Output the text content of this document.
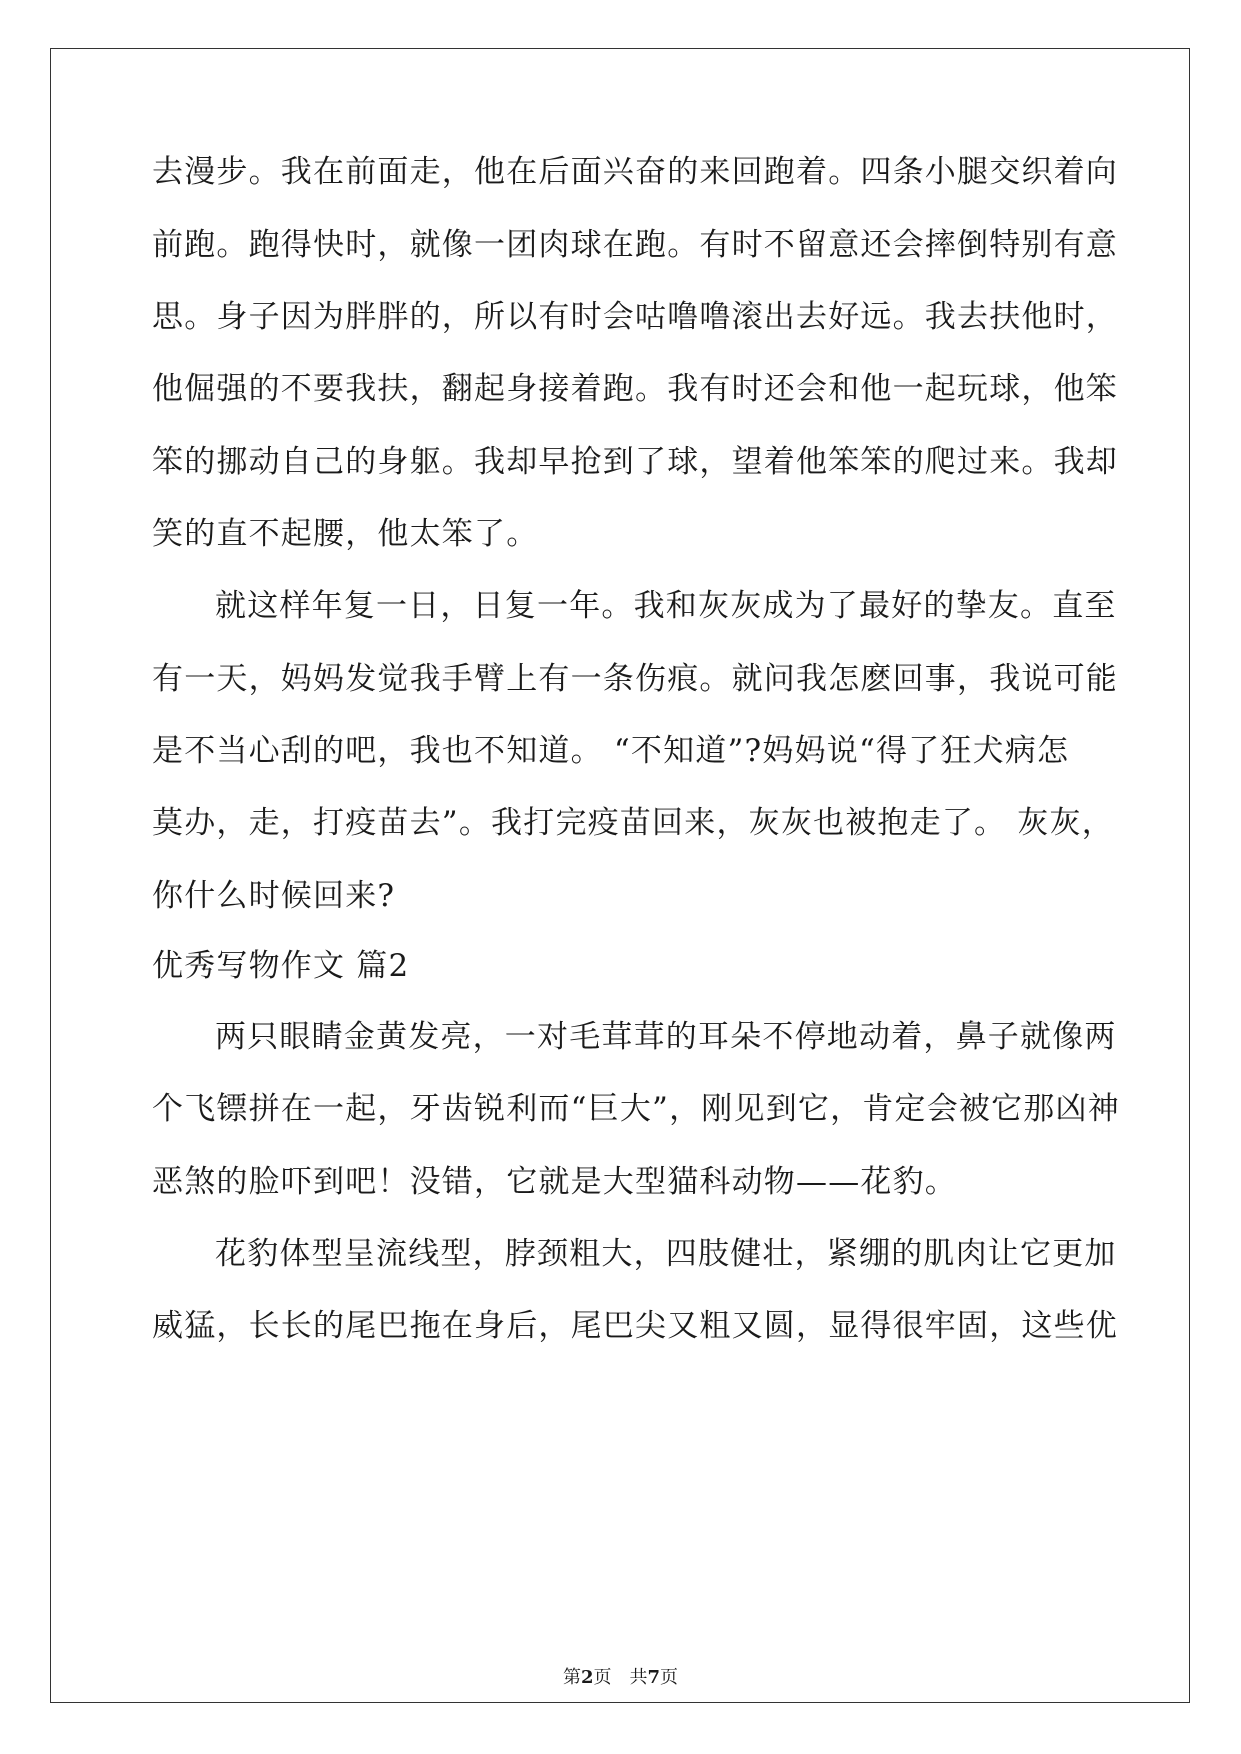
去漫步。我在前面走，他在后面兴奋的来回跑着。四条小腿交织着向
前跑。跑得快时，就像一团肉球在跑。有时不留意还会摔倒特别有意
思。身子因为胖胖的，所以有时会咕噜噜滚出去好远。我去扶他时，
他倔强的不要我扶，翻起身接着跑。我有时还会和他一起玩球，他笨
笨的挪动自己的身躯。我却早抢到了球，望着他笨笨的爬过来。我却
笑的直不起腰，他太笨了。
就这样年复一日，日复一年。我和灰灰成为了最好的挚友。直至
有一天，妈妈发觉我手臂上有一条伤痕。就问我怎麽回事，我说可能
是不当心刮的吧，我也不知道。 “不知道”?妈妈说“得了狂犬病怎
莫办，走，打疫苗去”。我打完疫苗回来，灰灰也被抱走了。 灰灰，
你什么时候回来?
优秀写物作文 篇2
两只眼睛金黄发亮，一对毛茸茸的耳朵不停地动着，鼻子就像两
个飞镖拼在一起，牙齿锐利而“巨大”，刚见到它，肯定会被它那凶神
恶煞的脸吓到吧！没错，它就是大型猫科动物——花豹。
花豹体型呈流线型，脖颈粗大，四肢健壮，紧绷的肌肉让它更加
威猛，长长的尾巴拖在身后，尾巴尖又粗又圆，显得很牢固，这些优
第2页　共7页
